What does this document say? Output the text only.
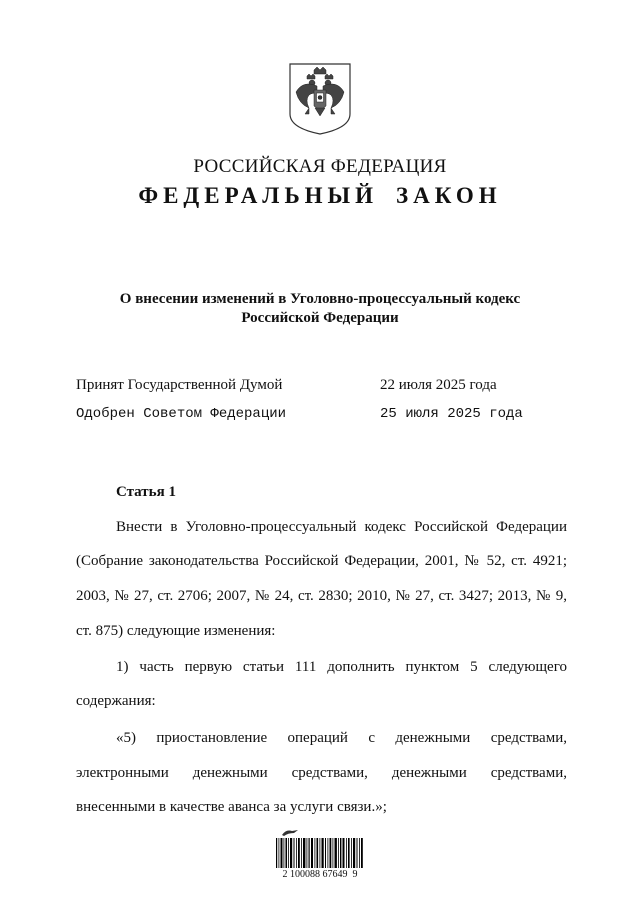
РОССИЙСКАЯ ФЕДЕРАЦИЯ
ФЕДЕРАЛЬНЫЙ ЗАКОН
О внесении изменений в Уголовно-процессуальный кодекс
Российской Федерации
Принят Государственной Думой	22 июля 2025 года
Одобрен Советом Федерации	25 июля 2025 года
Статья 1
Внести в Уголовно-процессуальный кодекс Российской Федерации
(Собрание законодательства Российской Федерации, 2001, № 52, ст. 4921;
2003, № 27, ст. 2706; 2007, № 24, ст. 2830; 2010, № 27, ст. 3427; 2013, № 9,
ст. 875) следующие изменения:
1) часть первую статьи 111 дополнить пунктом 5 следующего
содержания:
«5) приостановление операций с денежными средствами,
электронными денежными средствами, денежными средствами,
внесенными в качестве аванса за услуги связи.»;
2 100088 67649  9
